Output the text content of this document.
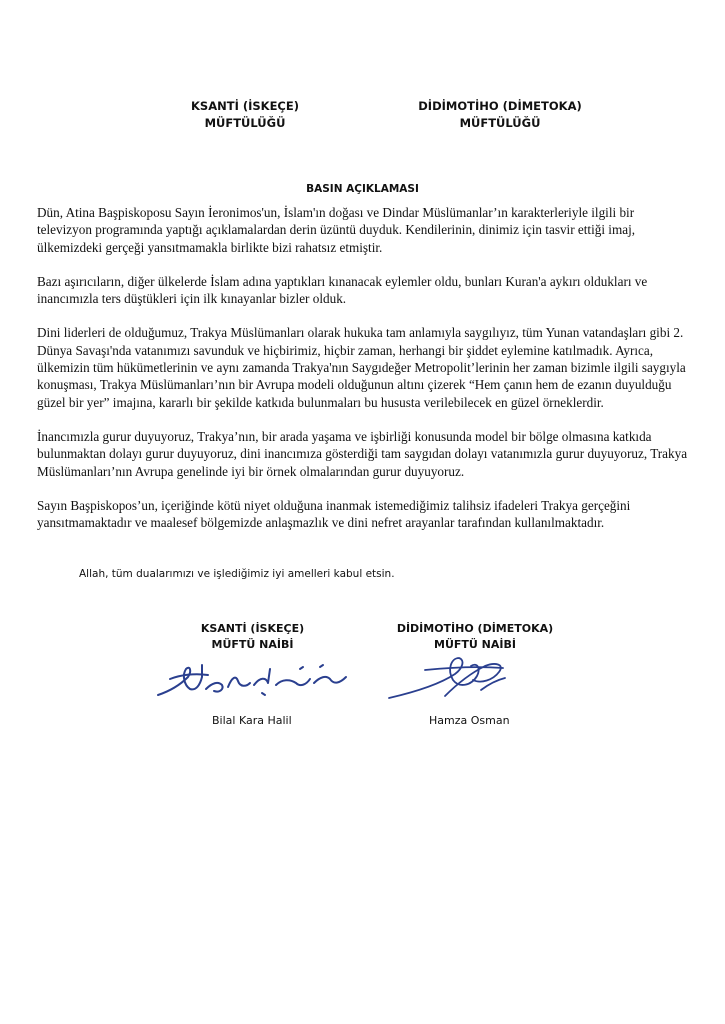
KSANTİ (İSKEÇE)
MÜFTÜLÜĞÜ
DİDİMOTİHO (DİMETOKA)
MÜFTÜLÜĞÜ
BASIN AÇIKLAMASI

Dün, Atina Başpiskoposu Sayın İeronimos'un, İslam'ın doğası ve Dindar Müslümanlar’ın karakterleriyle ilgili bir televizyon programında yaptığı açıklamalardan derin üzüntü duyduk. Kendilerinin, dinimiz için tasvir ettiği imaj, ülkemizdeki gerçeği yansıtmamakla birlikte bizi rahatsız etmiştir.

Bazı aşırıcıların, diğer ülkelerde İslam adına yaptıkları kınanacak eylemler oldu, bunları Kuran'a aykırı oldukları ve inancımızla ters düştükleri için ilk kınayanlar bizler olduk.

Dini liderleri de olduğumuz, Trakya Müslümanları olarak hukuka tam anlamıyla saygılıyız, tüm Yunan vatandaşları gibi 2. Dünya Savaşı'nda vatanımızı savunduk ve hiçbirimiz, hiçbir zaman, herhangi bir şiddet eylemine katılmadık. Ayrıca, ülkemizin tüm hükümetlerinin ve aynı zamanda Trakya'nın Saygıdeğer Metropolit’lerinin her zaman bizimle ilgili saygıyla konuşması, Trakya Müslümanları’nın bir Avrupa modeli olduğunun altını çizerek “Hem çanın hem de ezanın duyulduğu güzel bir yer” imajına, kararlı bir şekilde katkıda bulunmaları bu hususta verilebilecek en güzel örneklerdir.

İnancımızla gurur duyuyoruz, Trakya’nın, bir arada yaşama ve işbirliği konusunda model bir bölge olmasına katkıda bulunmaktan dolayı gurur duyuyoruz, dini inancımıza gösterdiği tam saygıdan dolayı vatanımızla gurur duyuyoruz, Trakya Müslümanları’nın Avrupa genelinde iyi bir örnek olmalarından gurur duyuyoruz.

Sayın Başpiskopos’un, içeriğinde kötü niyet olduğuna inanmak istemediğimiz talihsiz ifadeleri Trakya gerçeğini yansıtmamaktadır ve maalesef bölgemizde anlaşmazlık ve dini nefret arayanlar tarafından kullanılmaktadır.

Allah, tüm dualarımızı ve işlediğimiz iyi amelleri kabul etsin.
KSANTİ (İSKEÇE)
MÜFTÜ NAİBİ
DİDİMOTİHO (DİMETOKA)
MÜFTÜ NAİBİ
Bilal Kara Halil	Hamza Osman
